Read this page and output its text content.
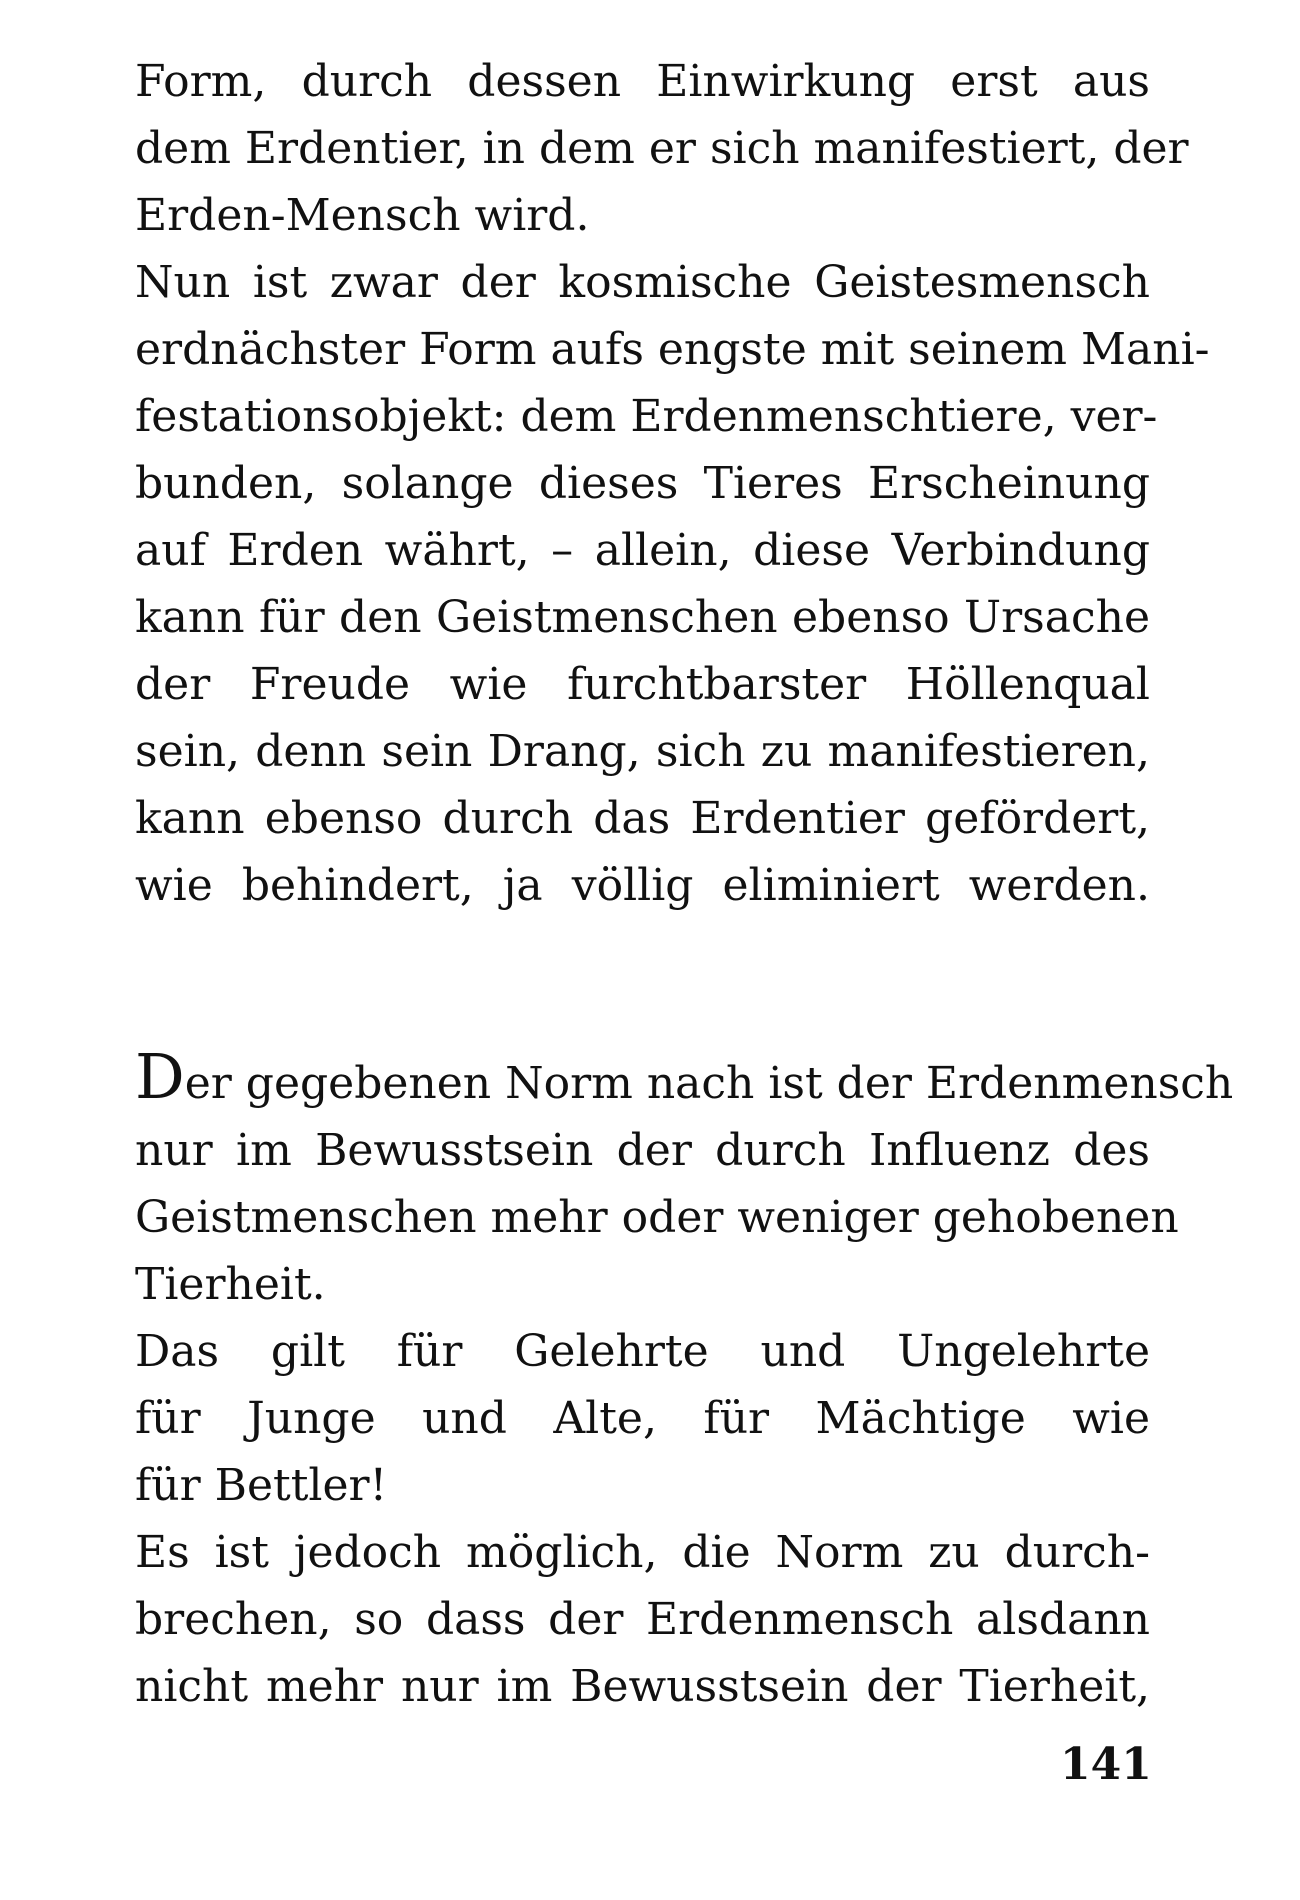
Form, durch dessen Einwirkung erst aus
dem Erdentier, in dem er sich manifestiert, der
Erden-Mensch wird.
Nun ist zwar der kosmische Geistesmensch
erdnächster Form aufs engste mit seinem Mani-
festationsobjekt: dem Erdenmenschtiere, ver-
bunden, solange dieses Tieres Erscheinung
auf Erden währt, – allein, diese Verbindung
kann für den Geistmenschen ebenso Ursache
der Freude wie furchtbarster Höllenqual
sein, denn sein Drang, sich zu manifestieren,
kann ebenso durch das Erdentier gefördert,
wie behindert, ja völlig eliminiert werden.
Der gegebenen Norm nach ist der Erdenmensch
nur im Bewusstsein der durch Influenz des
Geistmenschen mehr oder weniger gehobenen
Tierheit.
Das gilt für Gelehrte und Ungelehrte
für Junge und Alte, für Mächtige wie
für Bettler!
Es ist jedoch möglich, die Norm zu durch-
brechen, so dass der Erdenmensch alsdann
nicht mehr nur im Bewusstsein der Tierheit,
141
